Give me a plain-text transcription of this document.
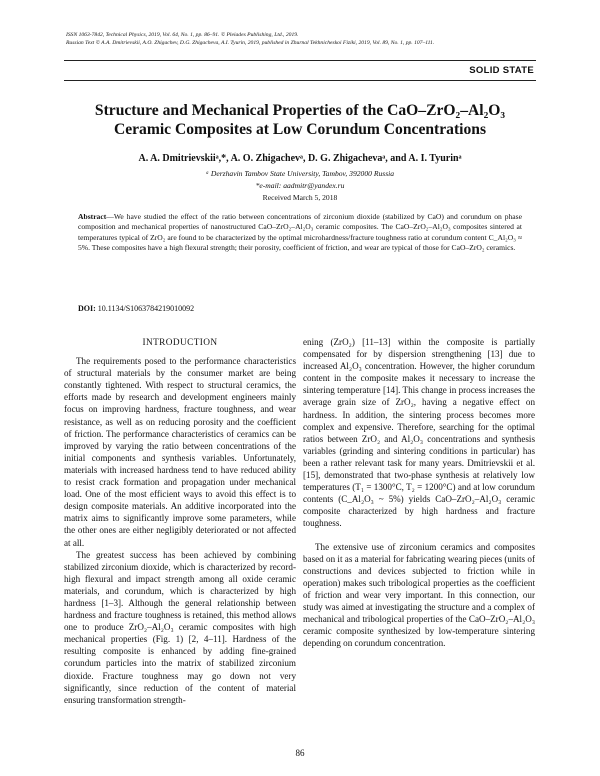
ISSN 1063-7842, Technical Physics, 2019, Vol. 64, No. 1, pp. 86–91. © Pleiades Publishing, Ltd., 2019.
Russian Text © A.A. Dmitrievskii, A.O. Zhigachev, D.G. Zhigacheva, A.I. Tyurin, 2019, published in Zhurnal Tekhnicheskoi Fiziki, 2019, Vol. 89, No. 1, pp. 107–111.
SOLID STATE
Structure and Mechanical Properties of the CaO–ZrO₂–Al₂O₃
Ceramic Composites at Low Corundum Concentrations
A. A. Dmitrievskiiᵃ,*, A. O. Zhigachevᵃ, D. G. Zhigachevaᵃ, and A. I. Tyurinᵃ
ᵃ Derzhavin Tambov State University, Tambov, 392000 Russia
*e-mail: aadmitr@yandex.ru
Received March 5, 2018
Abstract—We have studied the effect of the ratio between concentrations of zirconium dioxide (stabilized by CaO) and corundum on phase composition and mechanical properties of nanostructured CaO–ZrO₂–Al₂O₃ ceramic composites. The CaO–ZrO₂–Al₂O₃ composites sintered at temperatures typical of ZrO₂ are found to be characterized by the optimal microhardness/fracture toughness ratio at corundum content C_Al₂O₃ ≈ 5%. These composites have a high flexural strength; their porosity, coefficient of friction, and wear are typical of those for CaO–ZrO₂ ceramics.
DOI: 10.1134/S1063784219010092
INTRODUCTION

The requirements posed to the performance characteristics of structural materials by the consumer market are being constantly tightened. With respect to structural ceramics, the efforts made by research and development engineers mainly focus on improving hardness, fracture toughness, and wear resistance, as well as on reducing porosity and the coefficient of friction. The performance characteristics of ceramics can be improved by varying the ratio between concentrations of the initial components and synthesis variables. Unfortunately, materials with increased hardness tend to have reduced ability to resist crack formation and propagation under mechanical load. One of the most efficient ways to avoid this effect is to design composite materials. An additive incorporated into the matrix aims to significantly improve some parameters, while the other ones are either negligibly deteriorated or not affected at all.

The greatest success has been achieved by combining stabilized zirconium dioxide, which is characterized by record-high flexural and impact strength among all oxide ceramic materials, and corundum, which is characterized by high hardness [1–3]. Although the general relationship between hardness and fracture toughness is retained, this method allows one to produce ZrO₂–Al₂O₃ ceramic composites with high mechanical properties (Fig. 1) [2, 4–11]. Hardness of the resulting composite is enhanced by adding fine-grained corundum particles into the matrix of stabilized zirconium dioxide. Fracture toughness may go down not very significantly, since reduction of the content of material ensuring transformation strength-

ening (ZrO₂) [11–13] within the composite is partially compensated for by dispersion strengthening [13] due to increased Al₂O₃ concentration. However, the higher corundum content in the composite makes it necessary to increase the sintering temperature [14]. This change in process increases the average grain size of ZrO₂, having a negative effect on hardness. In addition, the sintering process becomes more complex and expensive. Therefore, searching for the optimal ratios between ZrO₂ and Al₂O₃ concentrations and synthesis variables (grinding and sintering conditions in particular) has been a rather relevant task for many years. Dmitrievskii et al. [15], demonstrated that two-phase synthesis at relatively low temperatures (T₁ = 1300°C, T₂ = 1200°C) and at low corundum contents (C_Al₂O₃ ~ 5%) yields CaO–ZrO₂–Al₂O₃ ceramic composite characterized by high hardness and fracture toughness.

The extensive use of zirconium ceramics and composites based on it as a material for fabricating wearing pieces (units of constructions and devices subjected to friction while in operation) makes such tribological properties as the coefficient of friction and wear very important. In this connection, our study was aimed at investigating the structure and a complex of mechanical and tribological properties of the CaO–ZrO₂–Al₂O₃ ceramic composite synthesized by low-temperature sintering depending on corundum concentration.

86
